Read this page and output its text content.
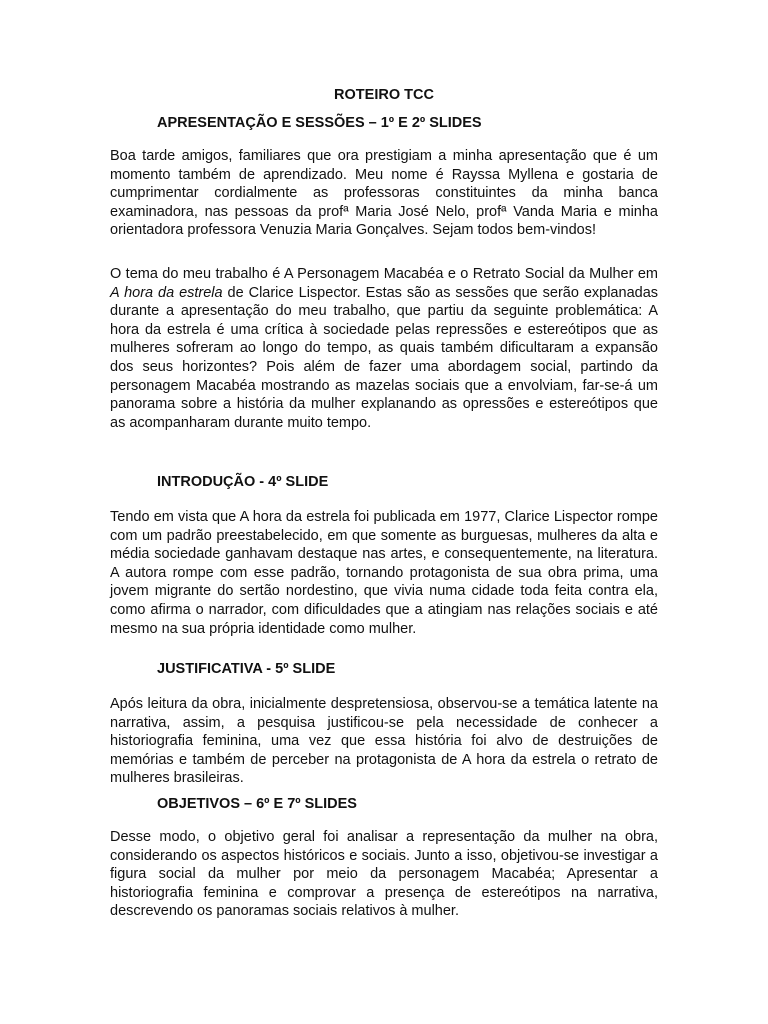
ROTEIRO TCC
APRESENTAÇÃO E SESSÕES – 1º E 2º SLIDES

Boa tarde amigos, familiares que ora prestigiam a minha apresentação que é um momento também de aprendizado. Meu nome é Rayssa Myllena e gostaria de cumprimentar cordialmente as professoras constituintes da minha banca examinadora, nas pessoas da profª Maria José Nelo, profª Vanda Maria e minha orientadora professora Venuzia Maria Gonçalves. Sejam todos bem-vindos!

O tema do meu trabalho é A Personagem Macabéa e o Retrato Social da Mulher em A hora da estrela de Clarice Lispector. Estas são as sessões que serão explanadas durante a apresentação do meu trabalho, que partiu da seguinte problemática: A hora da estrela é uma crítica à sociedade pelas repressões e estereótipos que as mulheres sofreram ao longo do tempo, as quais também dificultaram a expansão dos seus horizontes? Pois além de fazer uma abordagem social, partindo da personagem Macabéa mostrando as mazelas sociais que a envolviam, far-se-á um panorama sobre a história da mulher explanando as opressões e estereótipos que as acompanharam durante muito tempo.

INTRODUÇÃO - 4º SLIDE

Tendo em vista que A hora da estrela foi publicada em 1977, Clarice Lispector rompe com um padrão preestabelecido, em que somente as burguesas, mulheres da alta e média sociedade ganhavam destaque nas artes, e consequentemente, na literatura. A autora rompe com esse padrão, tornando protagonista de sua obra prima, uma jovem migrante do sertão nordestino, que vivia numa cidade toda feita contra ela, como afirma o narrador, com dificuldades que a atingiam nas relações sociais e até mesmo na sua própria identidade como mulher.

JUSTIFICATIVA - 5º SLIDE

Após leitura da obra, inicialmente despretensiosa, observou-se a temática latente na narrativa, assim, a pesquisa justificou-se pela necessidade de conhecer a historiografia feminina, uma vez que essa história foi alvo de destruições de memórias e também de perceber na protagonista de A hora da estrela o retrato de mulheres brasileiras.

OBJETIVOS – 6º E 7º SLIDES

Desse modo, o objetivo geral foi analisar a representação da mulher na obra, considerando os aspectos históricos e sociais. Junto a isso, objetivou-se investigar a figura social da mulher por meio da personagem Macabéa; Apresentar a historiografia feminina e comprovar a presença de estereótipos na narrativa, descrevendo os panoramas sociais relativos à mulher.
